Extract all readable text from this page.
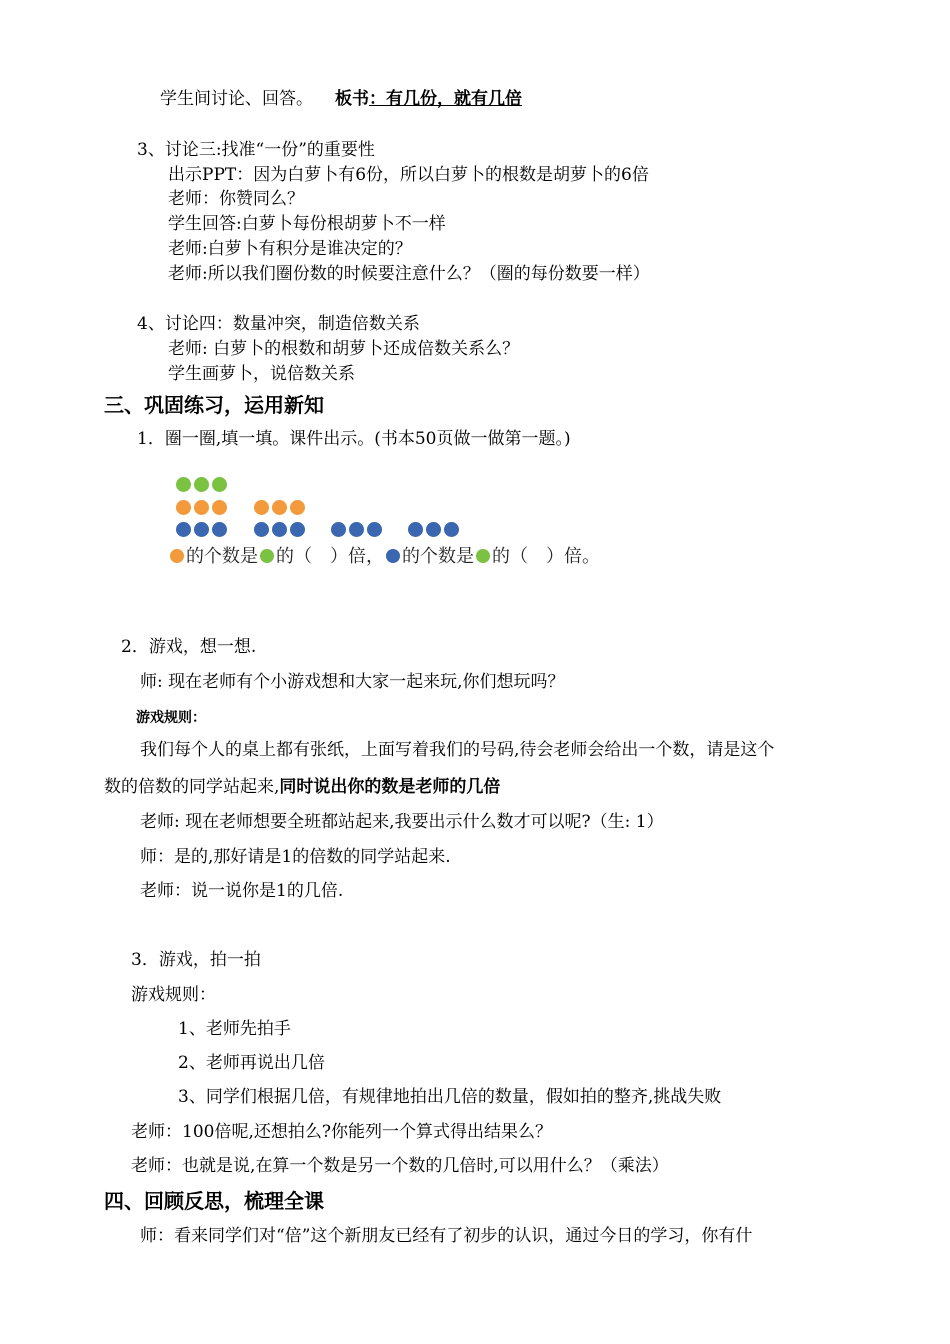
学生间讨论、回答。 板书：有几份，就有几倍
3、讨论三:找准“一份”的重要性
出示PPT：因为白萝卜有6份，所以白萝卜的根数是胡萝卜的6倍
老师：你赞同么？
学生回答:白萝卜每份根胡萝卜不一样
老师:白萝卜有积分是谁决定的？
老师:所以我们圈份数的时候要注意什么？（圈的每份数要一样）
4、讨论四：数量冲突，制造倍数关系
老师: 白萝卜的根数和胡萝卜还成倍数关系么？
学生画萝卜，说倍数关系
三、巩固练习，运用新知
1．圈一圈,填一填。课件出示。(书本50页做一做第一题。)
的个数是 的（　）倍， 的个数是 的（　）倍。
2．游戏，想一想.
师: 现在老师有个小游戏想和大家一起来玩,你们想玩吗？
游戏规则：
我们每个人的桌上都有张纸，上面写着我们的号码,待会老师会给出一个数，请是这个
数的倍数的同学站起来,同时说出你的数是老师的几倍
老师: 现在老师想要全班都站起来,我要出示什么数才可以呢?（生: 1）
师：是的,那好请是1的倍数的同学站起来.
老师：说一说你是1的几倍.
3．游戏，拍一拍
游戏规则：
1、老师先拍手
2、老师再说出几倍
3、同学们根据几倍，有规律地拍出几倍的数量，假如拍的整齐,挑战失败
老师：100倍呢,还想拍么?你能列一个算式得出结果么？
老师：也就是说,在算一个数是另一个数的几倍时,可以用什么？（乘法）
四、回顾反思，梳理全课
师：看来同学们对“倍”这个新朋友已经有了初步的认识，通过今日的学习，你有什
